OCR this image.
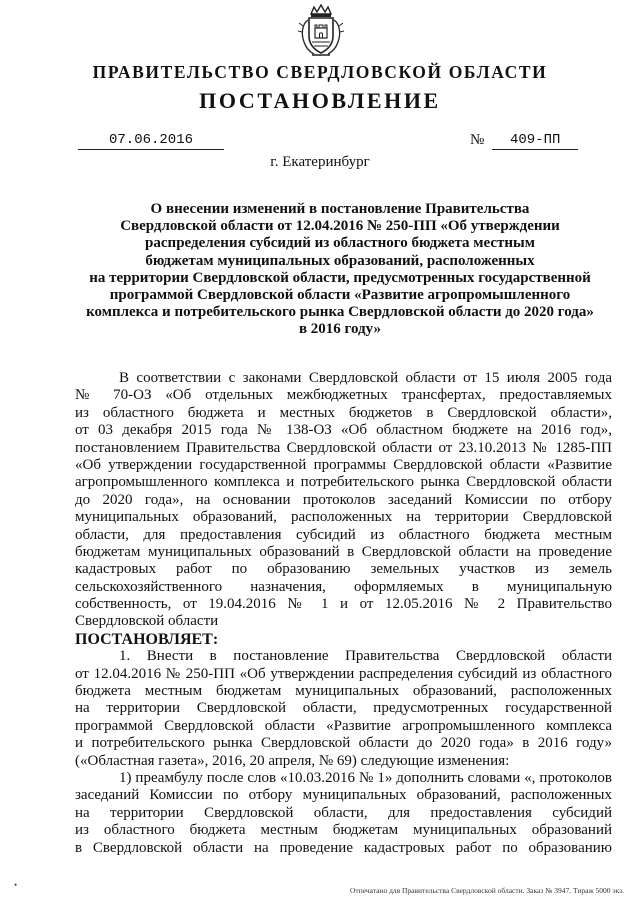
ПРАВИТЕЛЬСТВО СВЕРДЛОВСКОЙ ОБЛАСТИ
ПОСТАНОВЛЕНИЕ
07.06.2016	№	409-ПП
г. Екатеринбург
О внесении изменений в постановление Правительства
Свердловской области от 12.04.2016 № 250-ПП «Об утверждении
распределения субсидий из областного бюджета местным
бюджетам муниципальных образований, расположенных
на территории Свердловской области, предусмотренных государственной
программой Свердловской области «Развитие агропромышленного
комплекса и потребительского рынка Свердловской области до 2020 года»
в 2016 году»
В соответствии с законами Свердловской области от 15 июля 2005 года
№ 70-ОЗ «Об отдельных межбюджетных трансфертах, предоставляемых
из областного бюджета и местных бюджетов в Свердловской области»,
от 03 декабря 2015 года № 138-ОЗ «Об областном бюджете на 2016 год»,
постановлением Правительства Свердловской области от 23.10.2013 № 1285-ПП
«Об утверждении государственной программы Свердловской области «Развитие
агропромышленного комплекса и потребительского рынка Свердловской области
до 2020 года», на основании протоколов заседаний Комиссии по отбору
муниципальных образований, расположенных на территории Свердловской
области, для предоставления субсидий из областного бюджета местным
бюджетам муниципальных образований в Свердловской области на проведение
кадастровых работ по образованию земельных участков из земель
сельскохозяйственного назначения, оформляемых в муниципальную
собственность, от 19.04.2016 № 1 и от 12.05.2016 № 2 Правительство
Свердловской области
ПОСТАНОВЛЯЕТ:
1. Внести в постановление Правительства Свердловской области
от 12.04.2016 № 250-ПП «Об утверждении распределения субсидий из областного
бюджета местным бюджетам муниципальных образований, расположенных
на территории Свердловской области, предусмотренных государственной
программой Свердловской области «Развитие агропромышленного комплекса
и потребительского рынка Свердловской области до 2020 года» в 2016 году»
(«Областная газета», 2016, 20 апреля, № 69) следующие изменения:
1) преамбулу после слов «10.03.2016 № 1» дополнить словами «, протоколов
заседаний Комиссии по отбору муниципальных образований, расположенных
на территории Свердловской области, для предоставления субсидий
из областного бюджета местным бюджетам муниципальных образований
в Свердловской области на проведение кадастровых работ по образованию
•
Отпечатано для Правительства Свердловской области. Заказ № 3947. Тираж 5000 экз.
